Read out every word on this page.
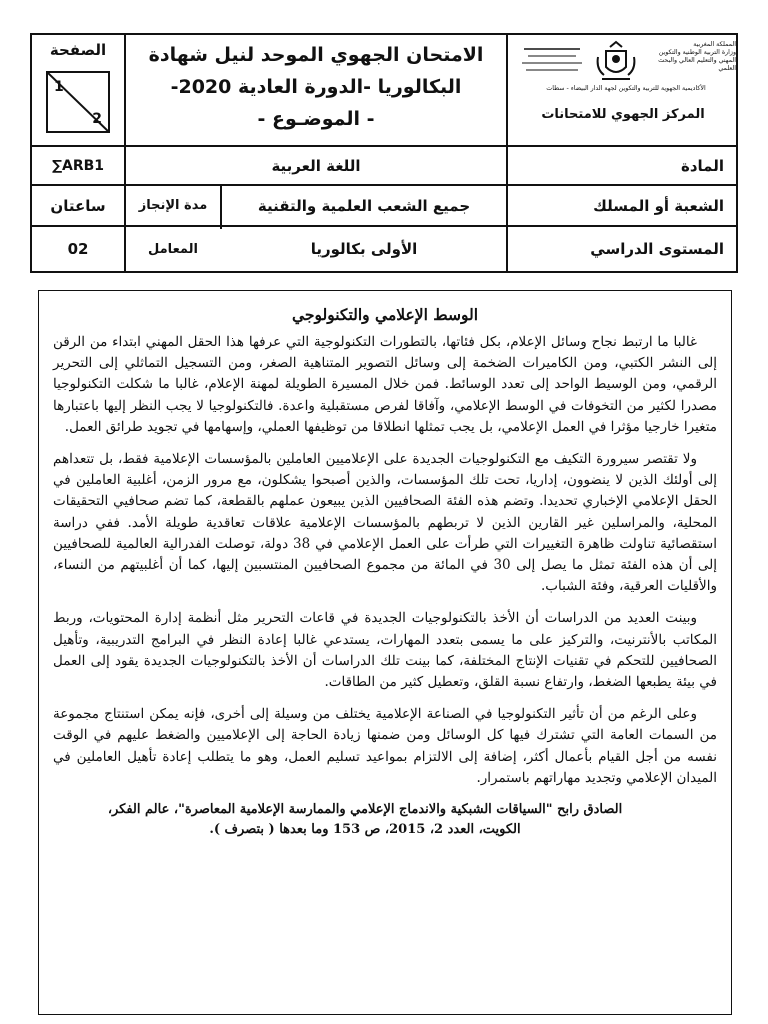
الصفحة
1
2
الامتحان الجهوي الموحد لنيل شهادة
البكالوريا -الدورة العادية 2020-
- الموضـوع -
المملكة المغربية
وزارة التربية الوطنية والتكوين المهني والتعليم العالي والبحث العلمي
الأكاديمية الجهوية للتربية والتكوين لجهة الدار البيضاء - سطات
المركز الجهوي للامتحانات
∑ARB1	اللغة العربية	المادة
ساعتان	مدة الإنجاز	جميع الشعب العلمية والتقنية	الشعبة أو المسلك
02	المعامل	الأولى بكالوريا	المستوى الدراسي
الوسط الإعلامي والتكنولوجي

غالبا ما ارتبط نجاح وسائل الإعلام، بكل فئاتها، بالتطورات التكنولوجية التي عرفها هذا الحقل المهني ابتداء من الرقن إلى النشر الكتبي، ومن الكاميرات الضخمة إلى وسائل التصوير المتناهية الصغر، ومن التسجيل التماثلي إلى التحرير الرقمي، ومن الوسيط الواحد إلى تعدد الوسائط. فمن خلال المسيرة الطويلة لمهنة الإعلام، غالبا ما شكلت التكنولوجيا مصدرا لكثير من التخوفات في الوسط الإعلامي، وآفاقا لفرص مستقبلية واعدة. فالتكنولوجيا لا يجب النظر إليها باعتبارها متغيرا خارجيا مؤثرا في العمل الإعلامي، بل يجب تمثلها انطلاقا من توظيفها العملي، وإسهامها في تجويد طرائق العمل.

ولا تقتصر سيرورة التكيف مع التكنولوجيات الجديدة على الإعلاميين العاملين بالمؤسسات الإعلامية فقط، بل تتعداهم إلى أولئك الذين لا ينضوون، إداريا، تحت تلك المؤسسات، والذين أصبحوا يشكلون، مع مرور الزمن، أغلبية العاملين في الحقل الإعلامي الإخباري تحديدا. وتضم هذه الفئة الصحافيين الذين يبيعون عملهم بالقطعة، كما تضم صحافيي التحقيقات المحلية، والمراسلين غير القارين الذين لا تربطهم بالمؤسسات الإعلامية علاقات تعاقدية طويلة الأمد. ففي دراسة استقصائية تناولت ظاهرة التغييرات التي طرأت على العمل الإعلامي في 38 دولة، توصلت الفدرالية العالمية للصحافيين إلى أن هذه الفئة تمثل ما يصل إلى 30 في المائة من مجموع الصحافيين المنتسبين إليها، كما أن أغلبيتهم من النساء، والأقليات العرقية، وفئة الشباب.

وبينت العديد من الدراسات أن الأخذ بالتكنولوجيات الجديدة في قاعات التحرير مثل أنظمة إدارة المحتويات، وربط المكاتب بالأنترنيت، والتركيز على ما يسمى بتعدد المهارات، يستدعي غالبا إعادة النظر في البرامج التدريبية، وتأهيل الصحافيين للتحكم في تقنيات الإنتاج المختلفة، كما بينت تلك الدراسات أن الأخذ بالتكنولوجيات الجديدة يقود إلى العمل في بيئة يطبعها الضغط، وارتفاع نسبة القلق، وتعطيل كثير من الطاقات.

وعلى الرغم من أن تأثير التكنولوجيا في الصناعة الإعلامية يختلف من وسيلة إلى أخرى، فإنه يمكن استنتاج مجموعة من السمات العامة التي تشترك فيها كل الوسائل ومن ضمنها زيادة الحاجة إلى الإعلاميين والضغط عليهم في الوقت نفسه من أجل القيام بأعمال أكثر، إضافة إلى الالتزام بمواعيد تسليم العمل، وهو ما يتطلب إعادة تأهيل العاملين في الميدان الإعلامي وتجديد مهاراتهم باستمرار.

الصادق رابح "السياقات الشبكية والاندماج الإعلامي والممارسة الإعلامية المعاصرة"، عالم الفكر،
الكويت، العدد 2، 2015، ص 153 وما بعدها ( بتصرف ).
